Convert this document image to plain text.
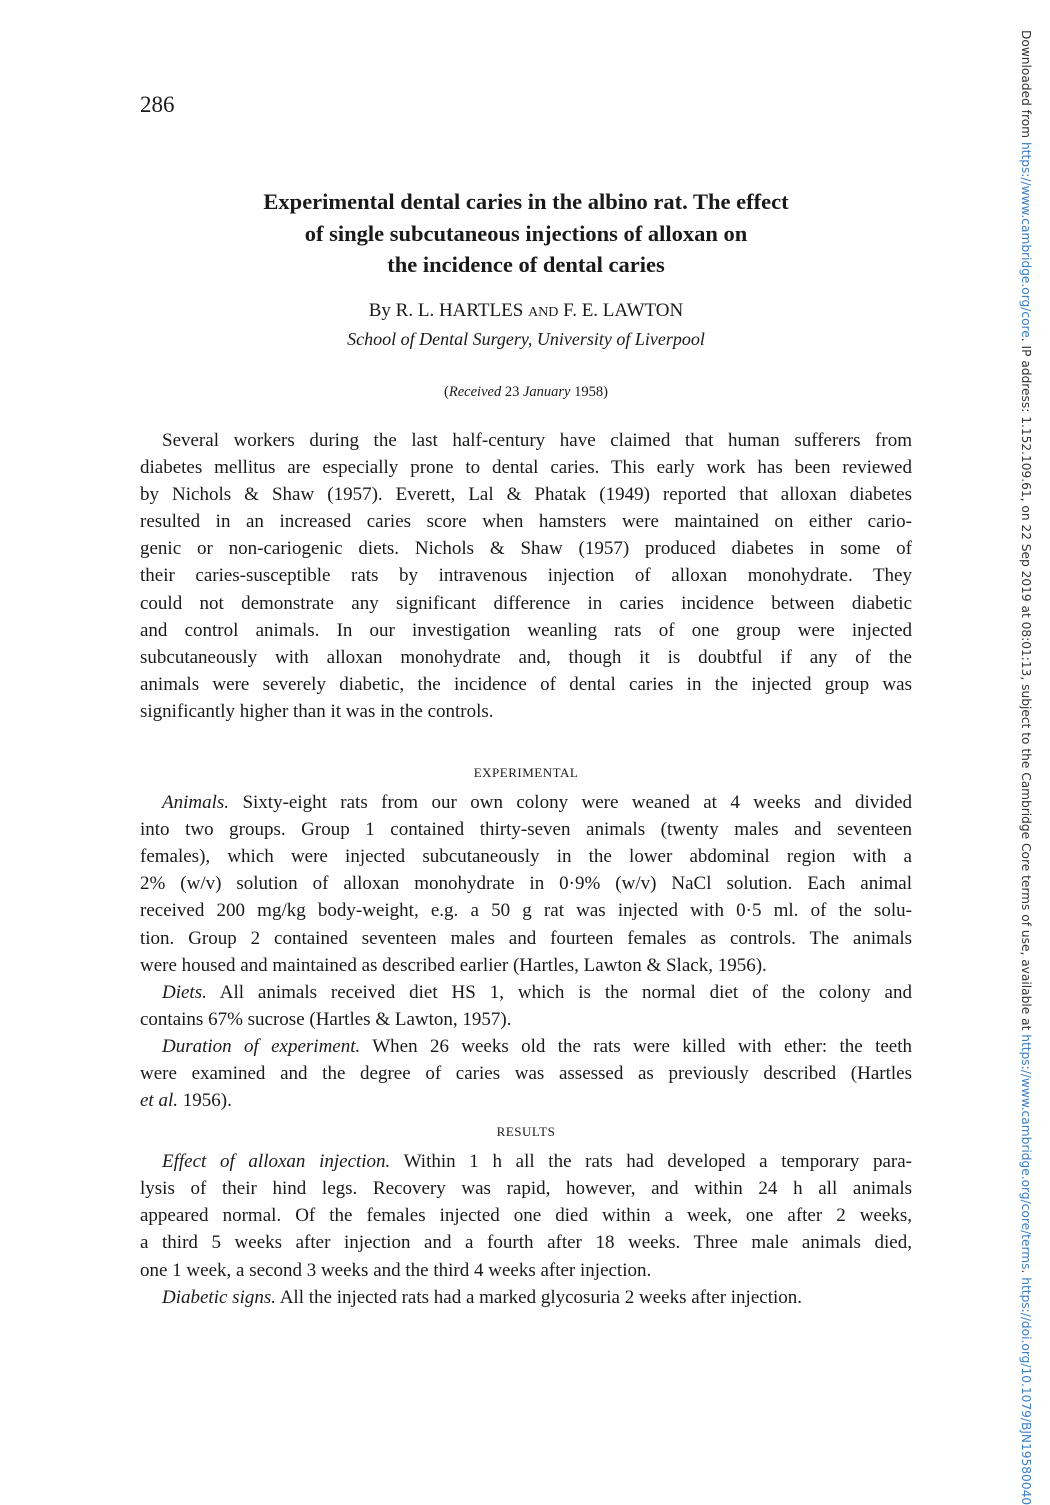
286
Experimental dental caries in the albino rat. The effect
of single subcutaneous injections of alloxan on
the incidence of dental caries
By R. L. HARTLES AND F. E. LAWTON
School of Dental Surgery, University of Liverpool
(Received 23 January 1958)
Several workers during the last half-century have claimed that human sufferers from
diabetes mellitus are especially prone to dental caries. This early work has been reviewed
by Nichols & Shaw (1957). Everett, Lal & Phatak (1949) reported that alloxan diabetes
resulted in an increased caries score when hamsters were maintained on either cario-
genic or non-cariogenic diets. Nichols & Shaw (1957) produced diabetes in some of
their caries-susceptible rats by intravenous injection of alloxan monohydrate. They
could not demonstrate any significant difference in caries incidence between diabetic
and control animals. In our investigation weanling rats of one group were injected
subcutaneously with alloxan monohydrate and, though it is doubtful if any of the
animals were severely diabetic, the incidence of dental caries in the injected group was
significantly higher than it was in the controls.
EXPERIMENTAL
Animals. Sixty-eight rats from our own colony were weaned at 4 weeks and divided
into two groups. Group 1 contained thirty-seven animals (twenty males and seventeen
females), which were injected subcutaneously in the lower abdominal region with a
2% (w/v) solution of alloxan monohydrate in 0·9% (w/v) NaCl solution. Each animal
received 200 mg/kg body-weight, e.g. a 50 g rat was injected with 0·5 ml. of the solu-
tion. Group 2 contained seventeen males and fourteen females as controls. The animals
were housed and maintained as described earlier (Hartles, Lawton & Slack, 1956).
Diets. All animals received diet HS 1, which is the normal diet of the colony and
contains 67% sucrose (Hartles & Lawton, 1957).
Duration of experiment. When 26 weeks old the rats were killed with ether: the teeth
were examined and the degree of caries was assessed as previously described (Hartles
et al. 1956).
RESULTS
Effect of alloxan injection. Within 1 h all the rats had developed a temporary para-
lysis of their hind legs. Recovery was rapid, however, and within 24 h all animals
appeared normal. Of the females injected one died within a week, one after 2 weeks,
a third 5 weeks after injection and a fourth after 18 weeks. Three male animals died,
one 1 week, a second 3 weeks and the third 4 weeks after injection.
Diabetic signs. All the injected rats had a marked glycosuria 2 weeks after injection.
Downloaded from https://www.cambridge.org/core. IP address: 1.152.109.61, on 22 Sep 2019 at 08:01:13, subject to the Cambridge Core terms of use, available at https://www.cambridge.org/core/terms. https://doi.org/10.1079/BJN19580040
